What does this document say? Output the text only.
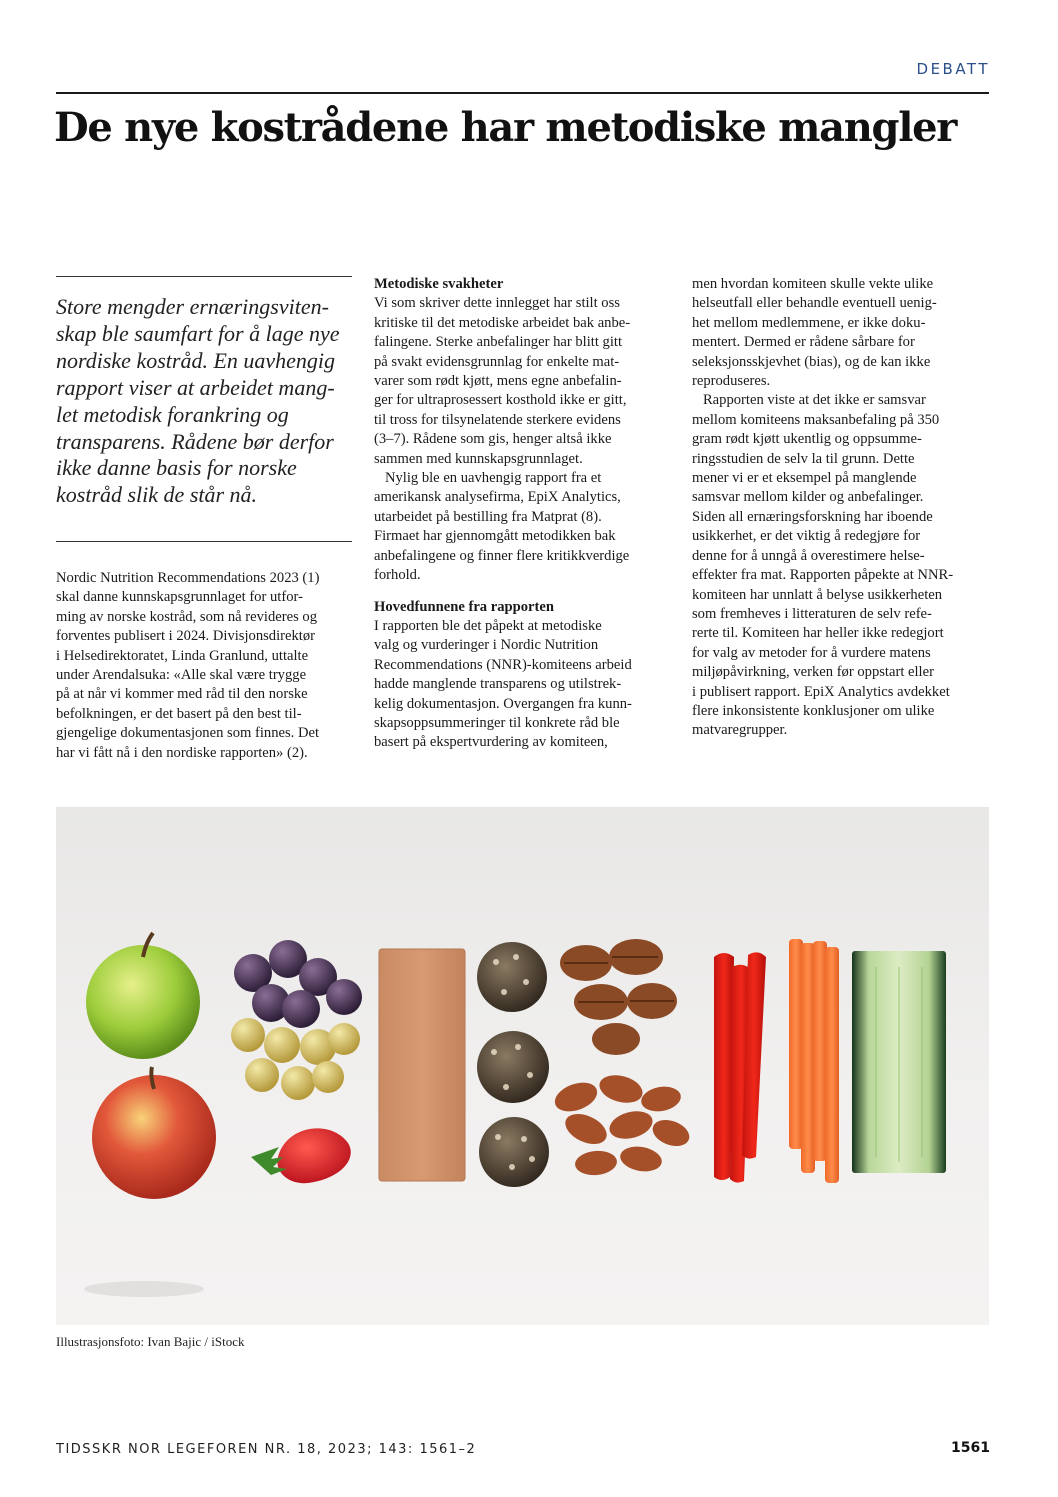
DEBATT
De nye kostrådene har metodiske mangler
Store mengder ernæringsviten-
skap ble saumfart for å lage nye
nordiske kostråd. En uavhengig
rapport viser at arbeidet mang-
let metodisk forankring og
transparens. Rådene bør derfor
ikke danne basis for norske
kostråd slik de står nå.
Nordic Nutrition Recommendations 2023 (1)
skal danne kunnskapsgrunnlaget for utfor-
ming av norske kostråd, som nå revideres og
forventes publisert i 2024. Divisjonsdirektør
i Helsedirektoratet, Linda Granlund, uttalte
under Arendalsuka: «Alle skal være trygge
på at når vi kommer med råd til den norske
befolkningen, er det basert på den best til-
gjengelige dokumentasjonen som finnes. Det
har vi fått nå i den nordiske rapporten» (2).
Metodiske svakheter
Vi som skriver dette innlegget har stilt oss
kritiske til det metodiske arbeidet bak anbe-
falingene. Sterke anbefalinger har blitt gitt
på svakt evidensgrunnlag for enkelte mat-
varer som rødt kjøtt, mens egne anbefalin-
ger for ultraprosessert kosthold ikke er gitt,
til tross for tilsynelatende sterkere evidens
(3–7). Rådene som gis, henger altså ikke
sammen med kunnskapsgrunnlaget.
Nylig ble en uavhengig rapport fra et
amerikansk analysefirma, EpiX Analytics,
utarbeidet på bestilling fra Matprat (8).
Firmaet har gjennomgått metodikken bak
anbefalingene og finner flere kritikkverdige
forhold.
Hovedfunnene fra rapporten
I rapporten ble det påpekt at metodiske
valg og vurderinger i Nordic Nutrition
Recommendations (NNR)-komiteens arbeid
hadde manglende transparens og utilstrek-
kelig dokumentasjon. Overgangen fra kunn-
skapsoppsummeringer til konkrete råd ble
basert på ekspertvurdering av komiteen,
men hvordan komiteen skulle vekte ulike
helseutfall eller behandle eventuell uenig-
het mellom medlemmene, er ikke doku-
mentert. Dermed er rådene sårbare for
seleksjonsskjevhet (bias), og de kan ikke
reproduseres.
Rapporten viste at det ikke er samsvar
mellom komiteens maksanbefaling på 350
gram rødt kjøtt ukentlig og oppsumme-
ringsstudien de selv la til grunn. Dette
mener vi er et eksempel på manglende
samsvar mellom kilder og anbefalinger.
Siden all ernæringsforskning har iboende
usikkerhet, er det viktig å redegjøre for
denne for å unngå å overestimere helse-
effekter fra mat. Rapporten påpekte at NNR-
komiteen har unnlatt å belyse usikkerheten
som fremheves i litteraturen de selv refe-
rerte til. Komiteen har heller ikke redegjort
for valg av metoder for å vurdere matens
miljøpåvirkning, verken før oppstart eller
i publisert rapport. EpiX Analytics avdekket
flere inkonsistente konklusjoner om ulike
matvaregrupper.
Illustrasjonsfoto: Ivan Bajic / iStock
TIDSSKR NOR LEGEFOREN NR. 18, 2023; 143: 1561–2	1561
